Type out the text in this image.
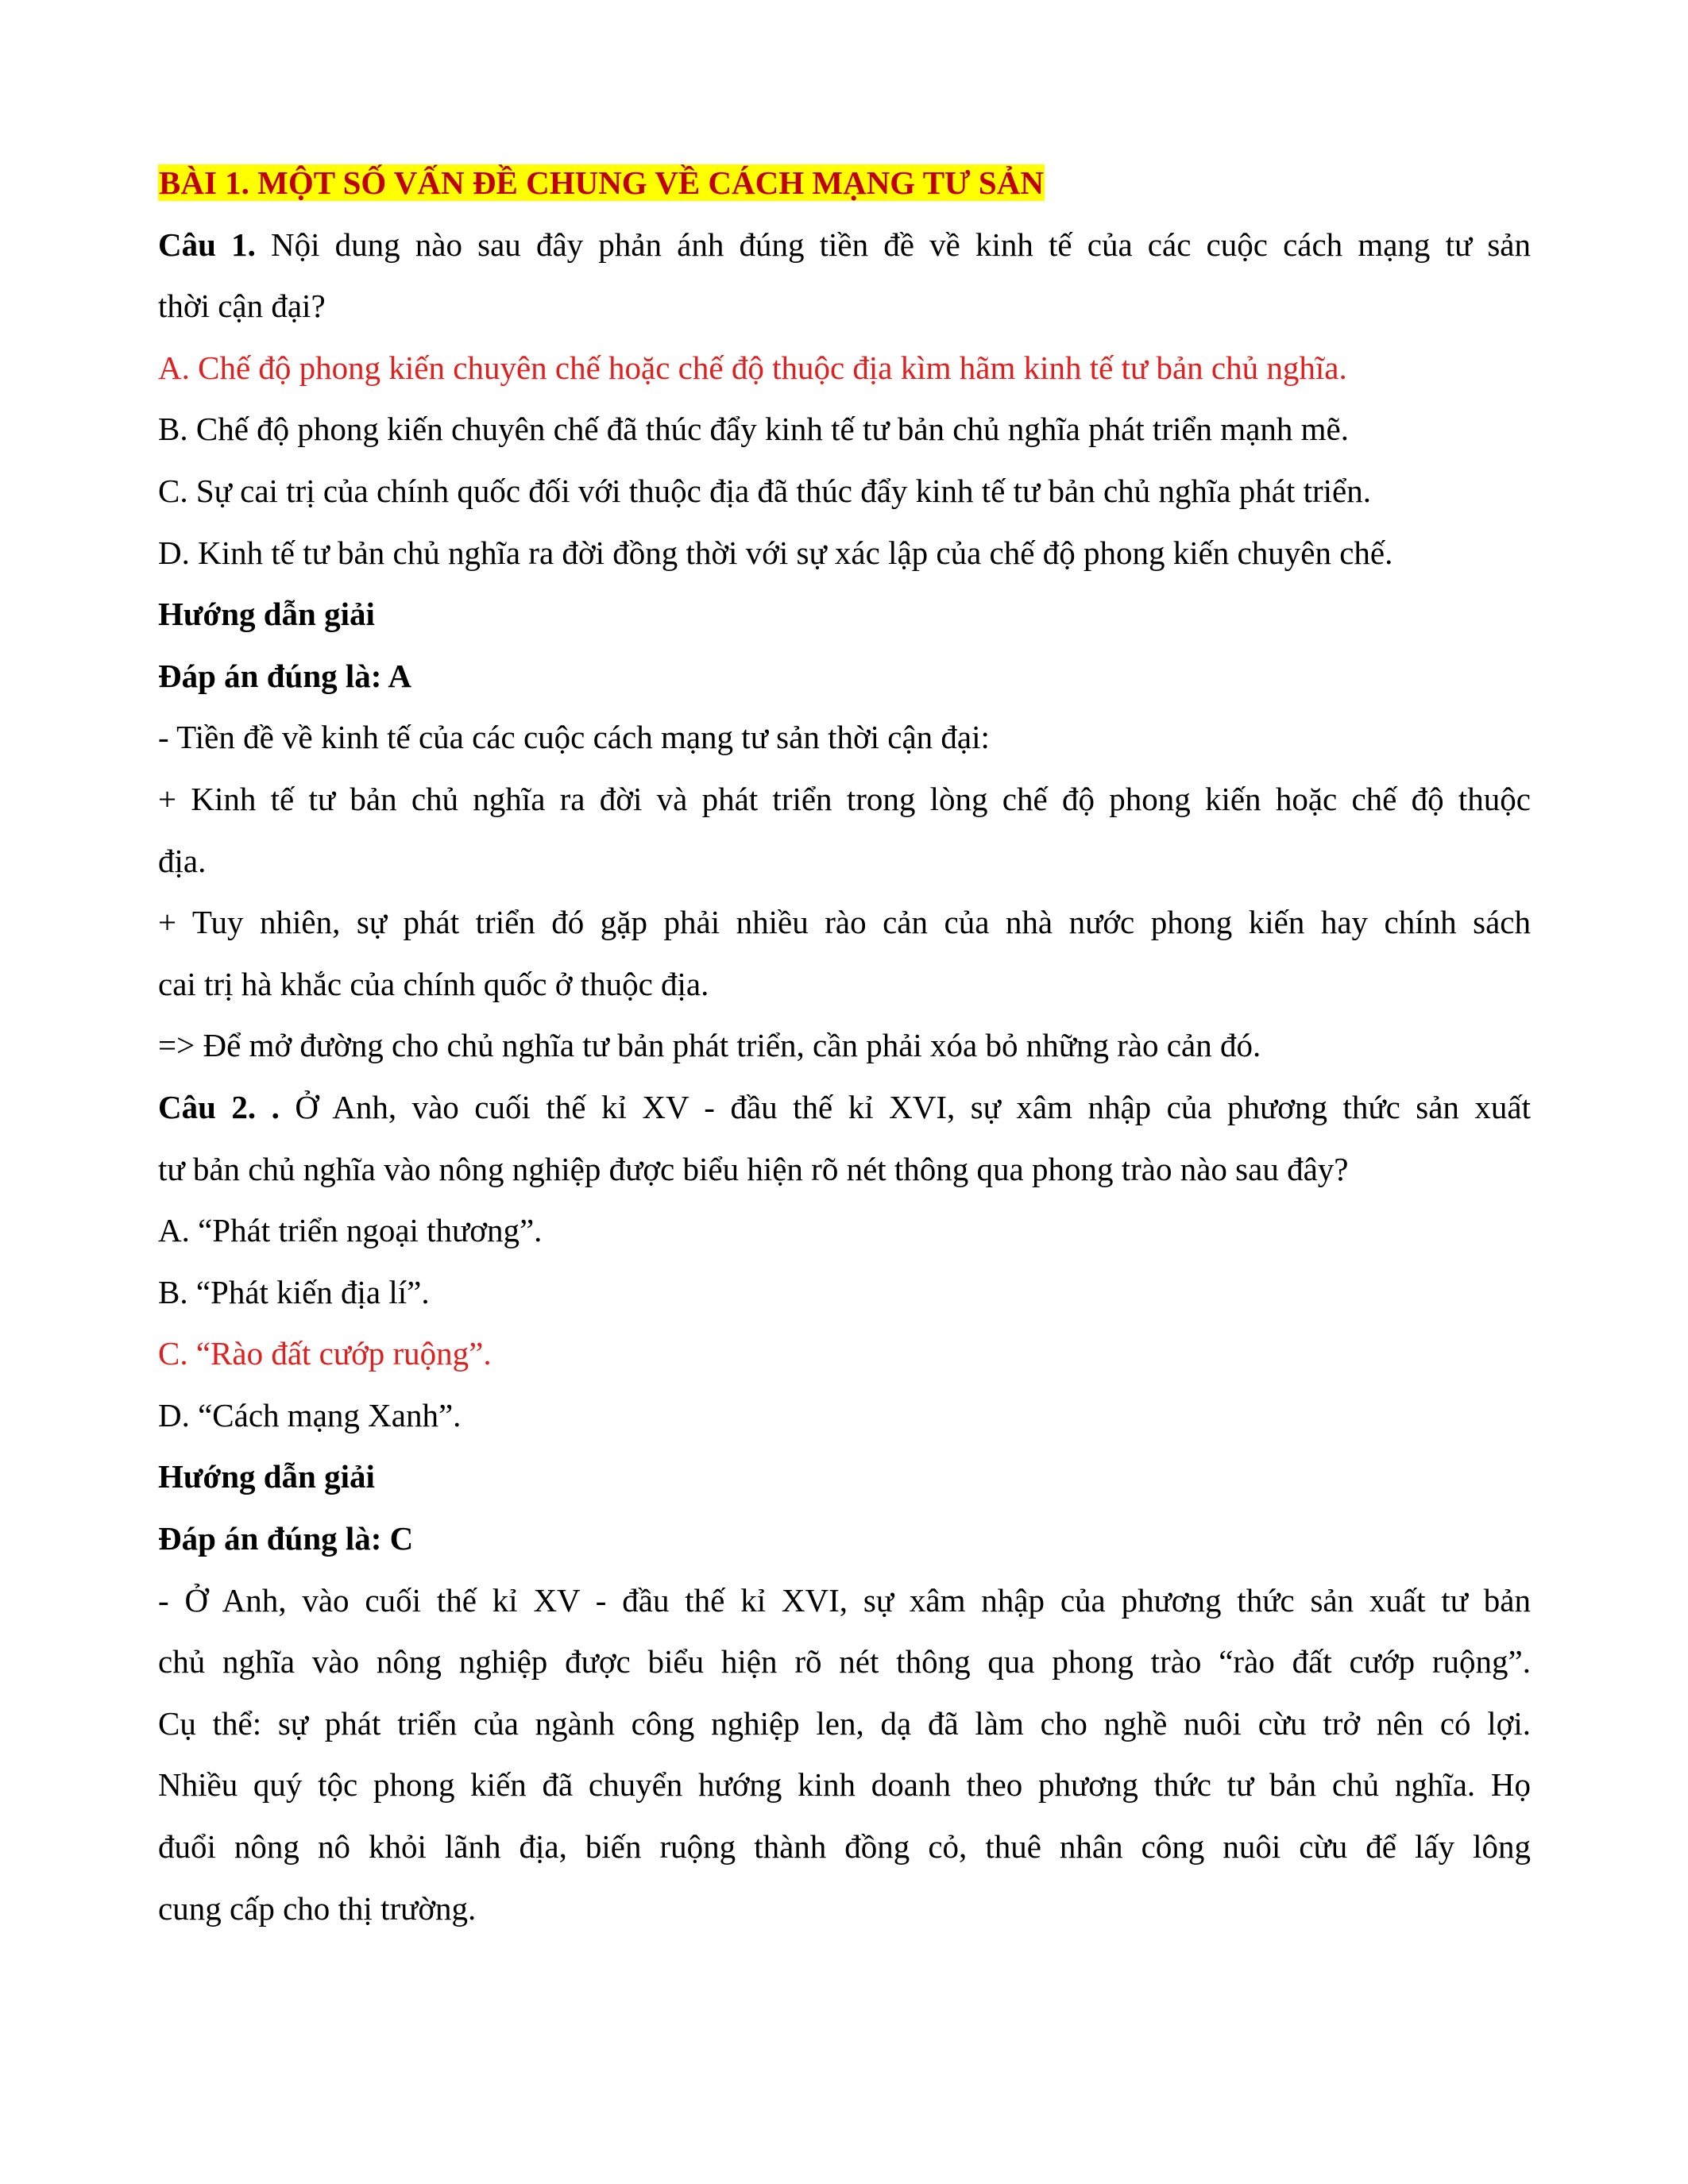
BÀI 1. MỘT SỐ VẤN ĐỀ CHUNG VỀ CÁCH MẠNG TƯ SẢN
Câu 1. Nội dung nào sau đây phản ánh đúng tiền đề về kinh tế của các cuộc cách mạng tư sản
thời cận đại?
A. Chế độ phong kiến chuyên chế hoặc chế độ thuộc địa kìm hãm kinh tế tư bản chủ nghĩa.
B. Chế độ phong kiến chuyên chế đã thúc đẩy kinh tế tư bản chủ nghĩa phát triển mạnh mẽ.
C. Sự cai trị của chính quốc đối với thuộc địa đã thúc đẩy kinh tế tư bản chủ nghĩa phát triển.
D. Kinh tế tư bản chủ nghĩa ra đời đồng thời với sự xác lập của chế độ phong kiến chuyên chế.
Hướng dẫn giải
Đáp án đúng là: A
- Tiền đề về kinh tế của các cuộc cách mạng tư sản thời cận đại:
+ Kinh tế tư bản chủ nghĩa ra đời và phát triển trong lòng chế độ phong kiến hoặc chế độ thuộc
địa.
+ Tuy nhiên, sự phát triển đó gặp phải nhiều rào cản của nhà nước phong kiến hay chính sách
cai trị hà khắc của chính quốc ở thuộc địa.
=> Để mở đường cho chủ nghĩa tư bản phát triển, cần phải xóa bỏ những rào cản đó.
Câu 2. . Ở Anh, vào cuối thế kỉ XV - đầu thế kỉ XVI, sự xâm nhập của phương thức sản xuất
tư bản chủ nghĩa vào nông nghiệp được biểu hiện rõ nét thông qua phong trào nào sau đây?
A. “Phát triển ngoại thương”.
B. “Phát kiến địa lí”.
C. “Rào đất cướp ruộng”.
D. “Cách mạng Xanh”.
Hướng dẫn giải
Đáp án đúng là: C
- Ở Anh, vào cuối thế kỉ XV - đầu thế kỉ XVI, sự xâm nhập của phương thức sản xuất tư bản
chủ nghĩa vào nông nghiệp được biểu hiện rõ nét thông qua phong trào “rào đất cướp ruộng”.
Cụ thể: sự phát triển của ngành công nghiệp len, dạ đã làm cho nghề nuôi cừu trở nên có lợi.
Nhiều quý tộc phong kiến đã chuyển hướng kinh doanh theo phương thức tư bản chủ nghĩa. Họ
đuổi nông nô khỏi lãnh địa, biến ruộng thành đồng cỏ, thuê nhân công nuôi cừu để lấy lông
cung cấp cho thị trường.
